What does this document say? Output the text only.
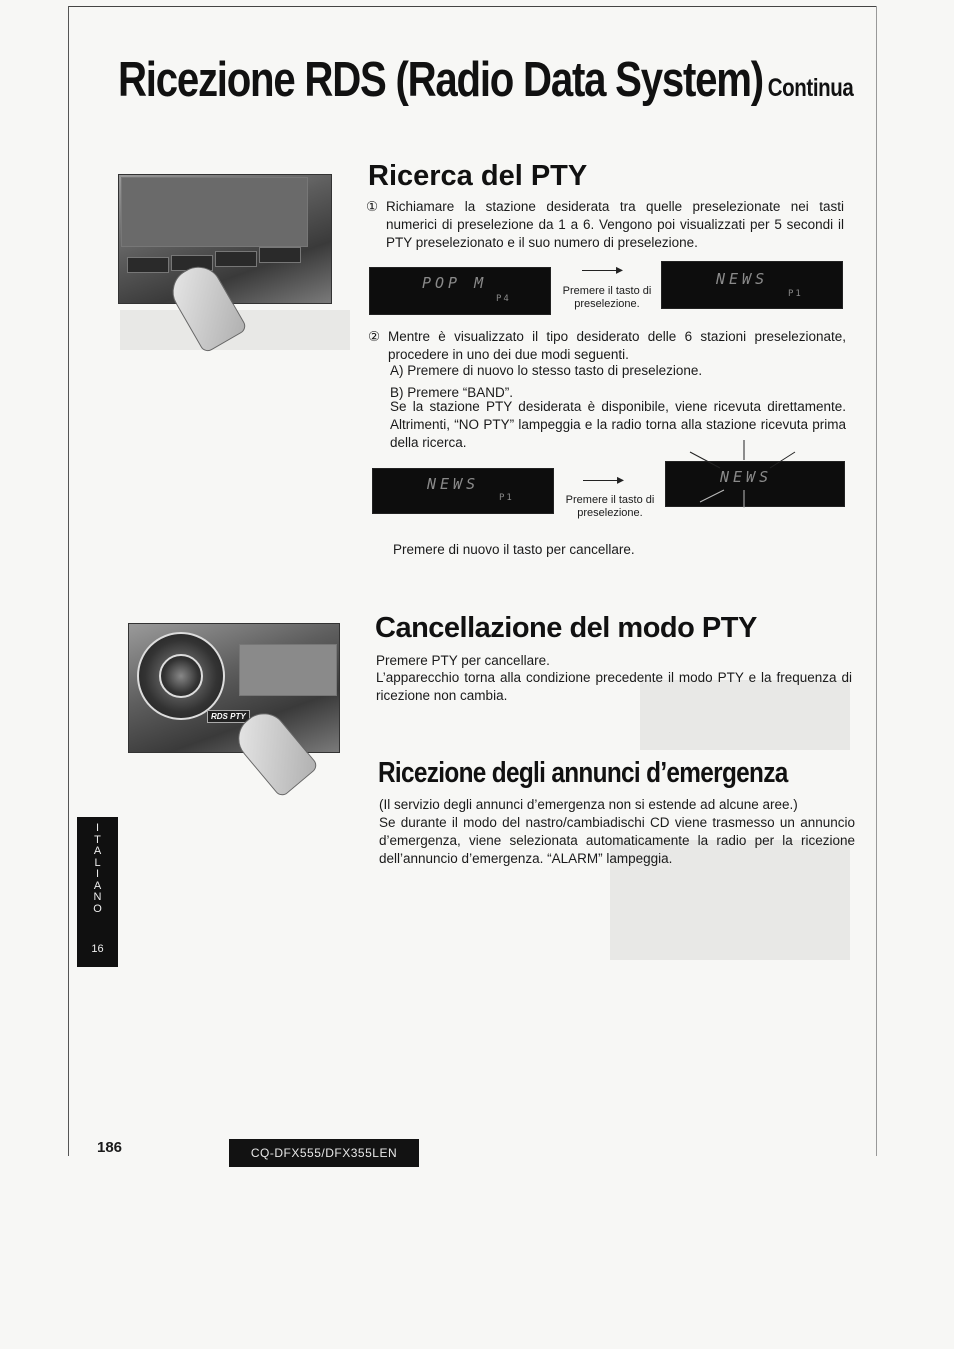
Ricezione RDS (Radio Data System) Continua
Ricerca del PTY
① Richiamare la stazione desiderata tra quelle preselezionate nei tasti numerici di preselezione da 1 a 6. Vengono poi visualizzati per 5 secondi il PTY preselezionato e il suo numero di preselezione.
POP M
P4
▸
Premere il tasto di preselezione.
NEWS
P1
② Mentre è visualizzato il tipo desiderato delle 6 stazioni preselezionate, procedere in uno dei due modi seguenti.
A) Premere di nuovo lo stesso tasto di preselezione.
B) Premere “BAND”.
Se la stazione PTY desiderata è disponibile, viene ricevuta direttamente. Altrimenti, “NO PTY” lampeggia e la radio torna alla stazione ricevuta prima della ricerca.
NEWS
P1
▸
Premere il tasto di preselezione.
NEWS
Premere di nuovo il tasto per cancellare.
RDS PTY
Cancellazione del modo PTY
Premere PTY per cancellare.
L’apparecchio torna alla condizione precedente il modo PTY e la frequenza di ricezione non cambia.
Ricezione degli annunci d’emergenza
(Il servizio degli annunci d’emergenza non si estende ad alcune aree.)
Se durante il modo del nastro/cambiadischi CD viene trasmesso un annuncio d’emergenza, viene selezionata automaticamente la radio per la ricezione dell’annuncio d’emergenza. “ALARM” lampeggia.
I
T
A
L
I
A
N
O
16
186	CQ-DFX555/DFX355LEN
